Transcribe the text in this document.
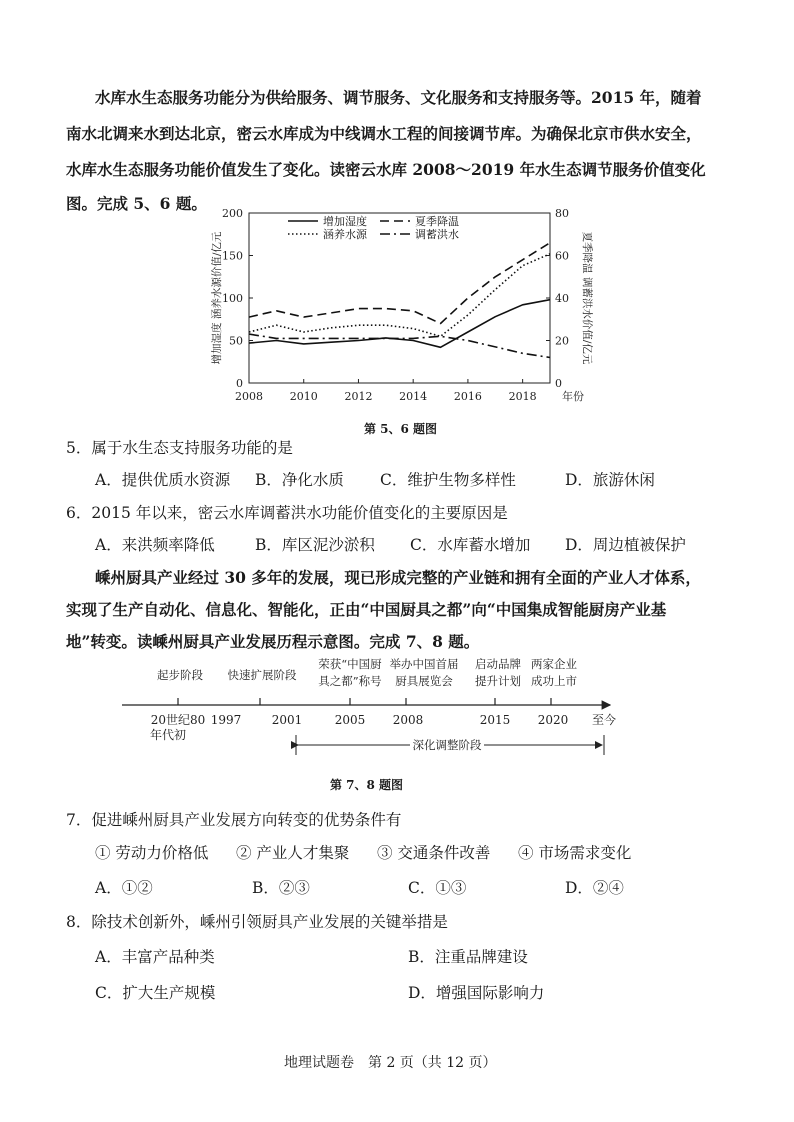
水库水生态服务功能分为供给服务、调节服务、文化服务和支持服务等。2015 年，随着
南水北调来水到达北京，密云水库成为中线调水工程的间接调节库。为确保北京市供水安全，
水库水生态服务功能价值发生了变化。读密云水库 2008～2019 年水生态调节服务价值变化
图。完成 5、6 题。
0
50
100
150
200
0
20
40
60
80
2008 2010 2012 2014 2016 2018 年份
增加湿度 涵养水源价值/亿元	夏季降温 调蓄洪水价值/亿元
增加湿度	夏季降温
涵养水源	调蓄洪水
第 5、6 题图
5．属于水生态支持服务功能的是
A．提供优质水资源 B．净化水质 C．维护生物多样性	D．旅游休闲
6．2015 年以来，密云水库调蓄洪水功能价值变化的主要原因是
A．来洪频率降低	B．库区泥沙淤积 C．水库蓄水增加 D．周边植被保护
嵊州厨具产业经过 30 多年的发展，现已形成完整的产业链和拥有全面的产业人才体系，
实现了生产自动化、信息化、智能化，正由“中国厨具之都”向“中国集成智能厨房产业基
地”转变。读嵊州厨具产业发展历程示意图。完成 7、8 题。
起步阶段 快速扩展阶段
荣获“中国厨
具之都”称号
举办中国首届
厨具展览会
启动品牌
提升计划
两家企业
成功上市
20世纪80
年代初
1997	2001	2005 2008	2015 2020 至今
深化调整阶段
第 7、8 题图
7．促进嵊州厨具产业发展方向转变的优势条件有
① 劳动力价格低 ② 产业人才集聚 ③ 交通条件改善 ④ 市场需求变化
A．①②	B．②③	C．①③	D．②④
8．除技术创新外，嵊州引领厨具产业发展的关键举措是
A．丰富产品种类	B．注重品牌建设
C．扩大生产规模	D．增强国际影响力
地理试题卷　第 2 页（共 12 页）
